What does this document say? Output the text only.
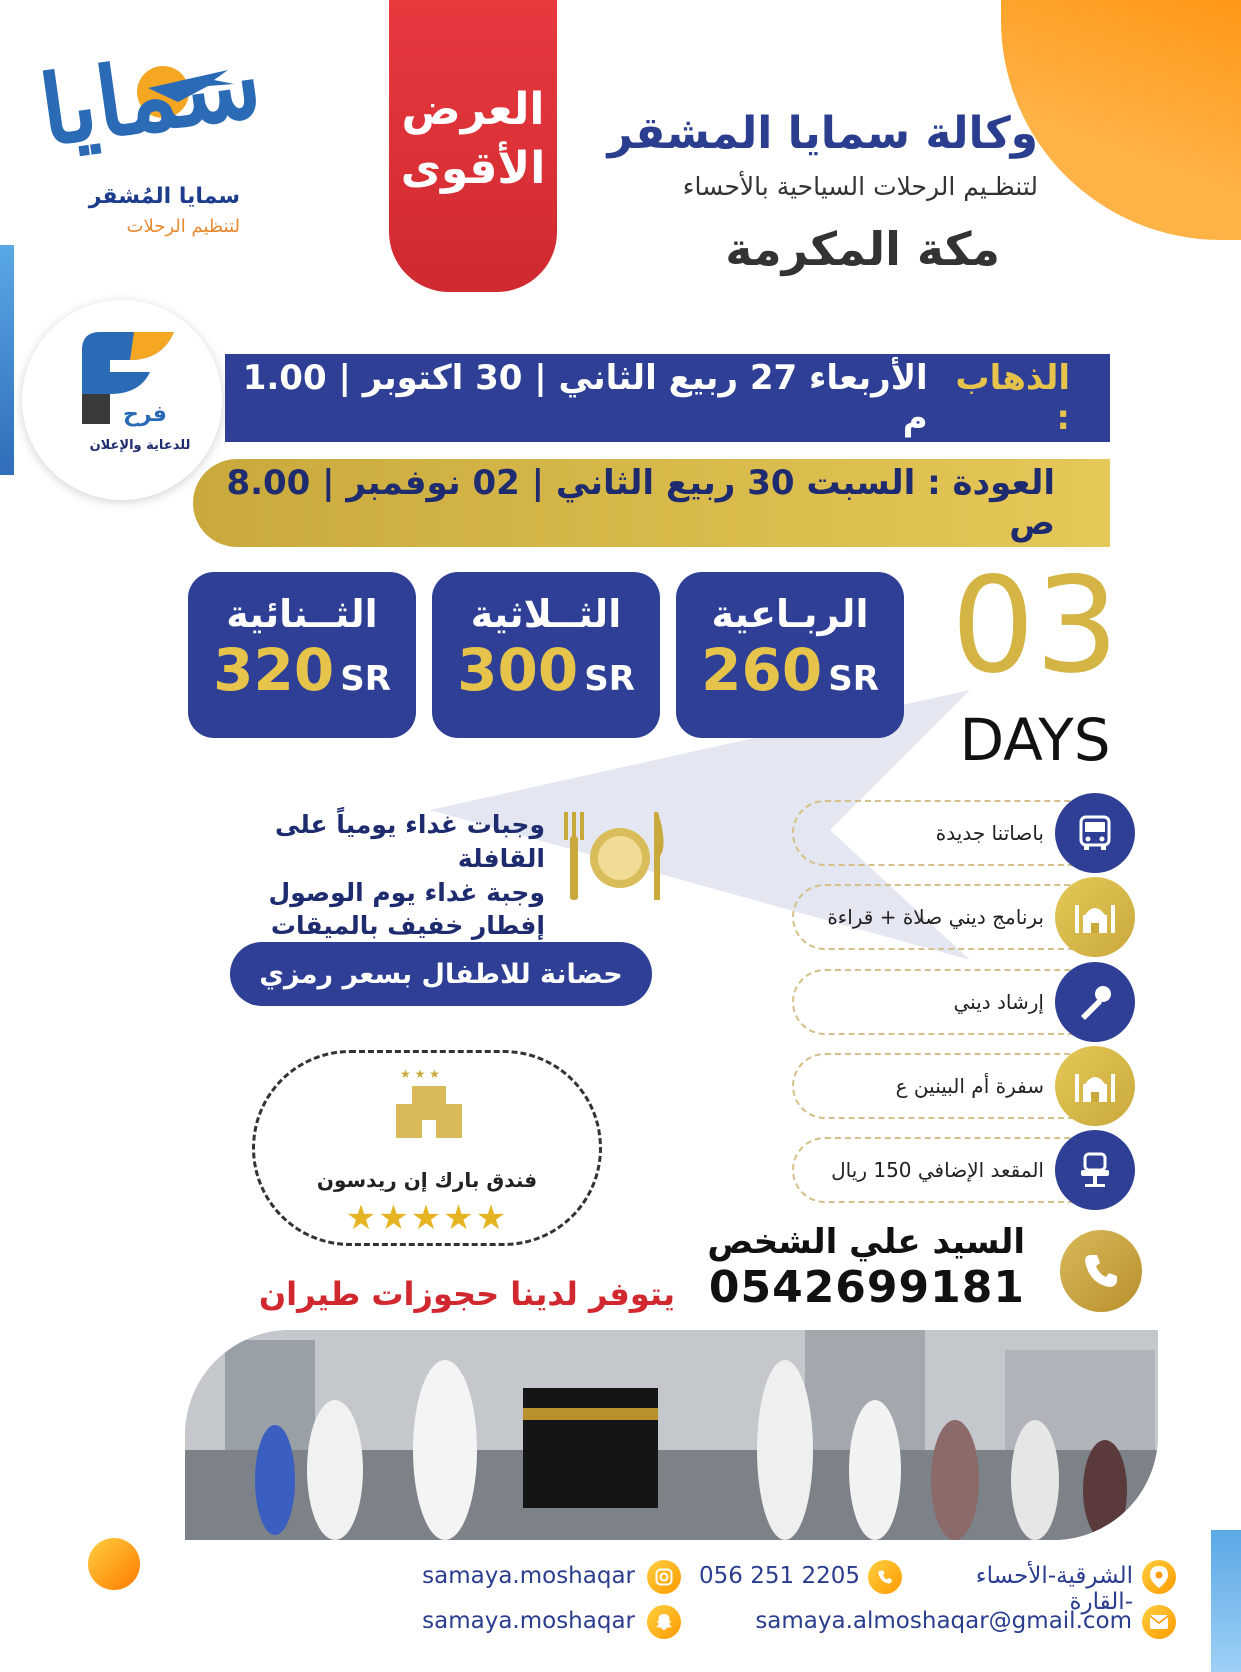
سمايا
سمايا المُشقر
لتنظيم الرحلات
العرض
الأقوى
وكالة سمايا المشقر
لتنظـيم الرحلات السياحية بالأحساء
مكة المكرمة
فرح
للدعاية والإعلان
الذهاب :
الأربعاء 27 ربيع الثاني | 30 اكتوبر | 1.00 م
العودة : السبت 30 ربيع الثاني | 02 نوفمبر | 8.00 ص
الربـاعية
260 SR
الثــلاثية
300 SR
الثــنائية
320 SR	03
DAYS
وجبات غداء يومياً على القافلة
وجبة غداء يوم الوصول
إفطار خفيف بالميقات
حضانة للاطفال بسعر رمزي
باصاتنا جديدة
برنامج ديني صلاة + قراءة
إرشاد ديني
سفرة أم البينين ع
المقعد الإضافي 150 ريال
★ ★ ★
فندق بارك إن ريدسون
★★★★★
السيد علي الشخص
0542699181
يتوفر لدينا حجوزات طيران
الشرقية-الأحساء -القارة
056 251 2205
samaya.moshaqar
samaya.almoshaqar@gmail.com
samaya.moshaqar
